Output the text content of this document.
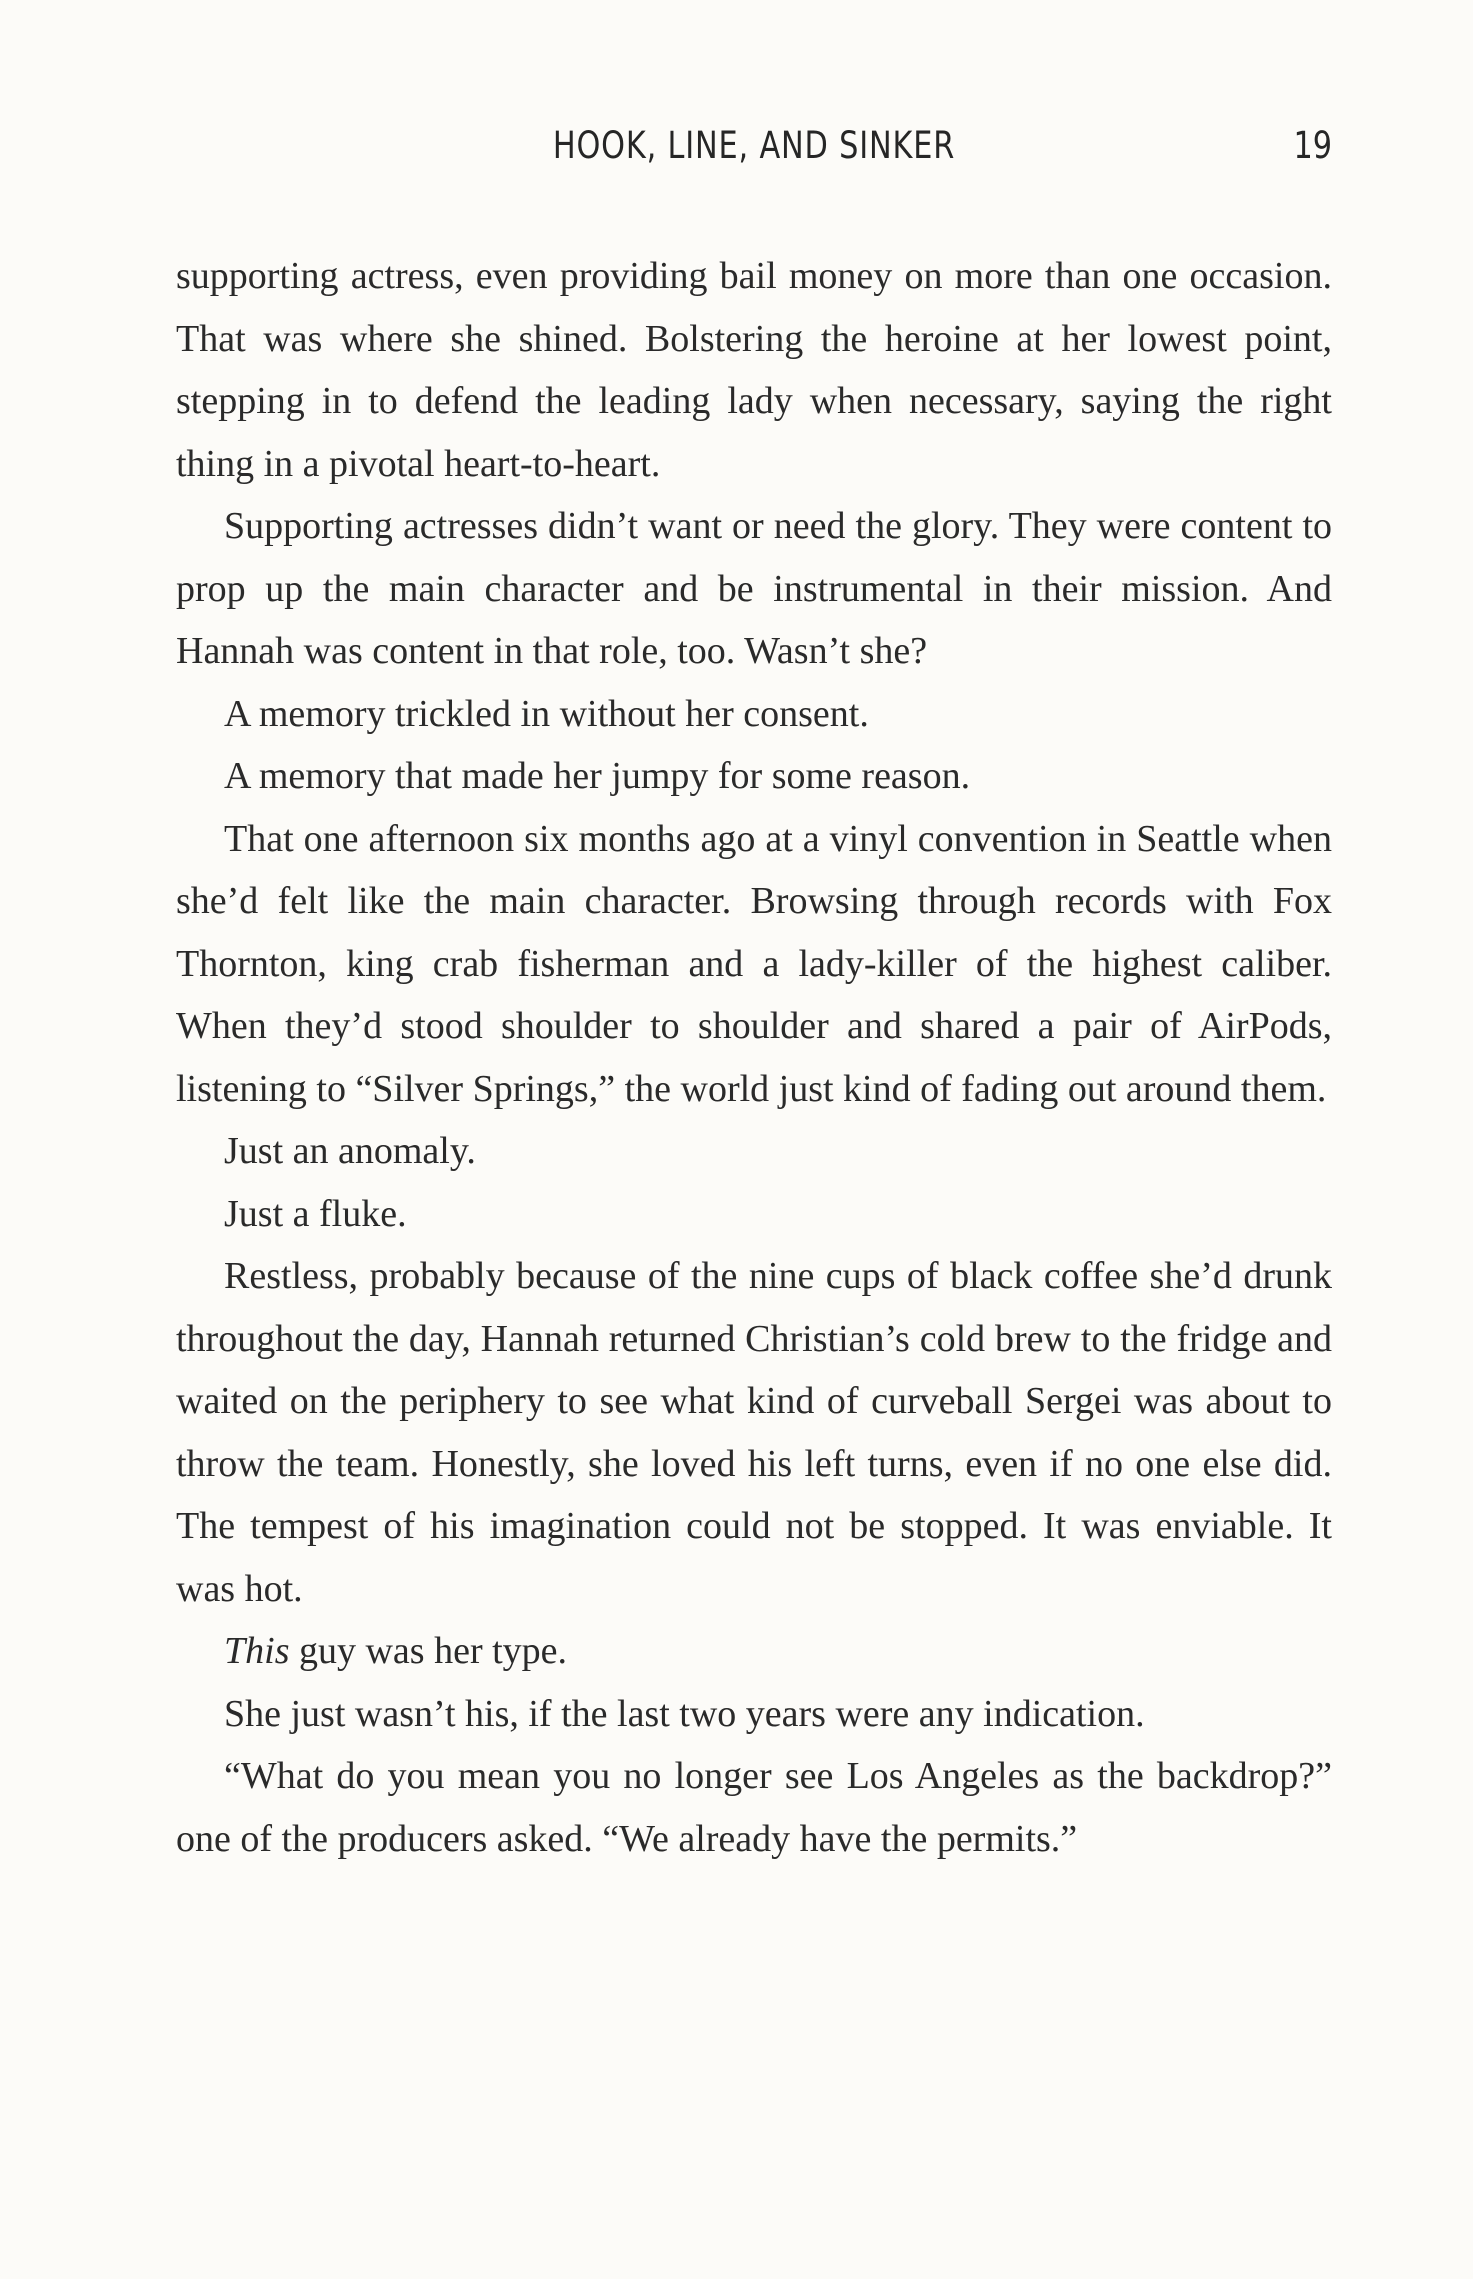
HOOK, LINE, AND SINKER	19

supporting actress, even providing bail money on more than one occasion. That was where she shined. Bolstering the heroine at her lowest point, stepping in to defend the leading lady when necessary, saying the right thing in a pivotal heart-to-heart.

Supporting actresses didn’t want or need the glory. They were content to prop up the main character and be instrumental in their mission. And Hannah was content in that role, too. Wasn’t she?

A memory trickled in without her consent.

A memory that made her jumpy for some reason.

That one afternoon six months ago at a vinyl convention in Seattle when she’d felt like the main character. Browsing through records with Fox Thornton, king crab fisherman and a lady-killer of the highest caliber. When they’d stood shoulder to shoulder and shared a pair of AirPods, listening to “Silver Springs,” the world just kind of fading out around them.

Just an anomaly.

Just a fluke.

Restless, probably because of the nine cups of black coffee she’d drunk throughout the day, Hannah returned Christian’s cold brew to the fridge and waited on the periphery to see what kind of curveball Sergei was about to throw the team. Honestly, she loved his left turns, even if no one else did. The tempest of his imagination could not be stopped. It was enviable. It was hot.

This guy was her type.

She just wasn’t his, if the last two years were any indication.

“What do you mean you no longer see Los Angeles as the backdrop?” one of the producers asked. “We already have the permits.”
